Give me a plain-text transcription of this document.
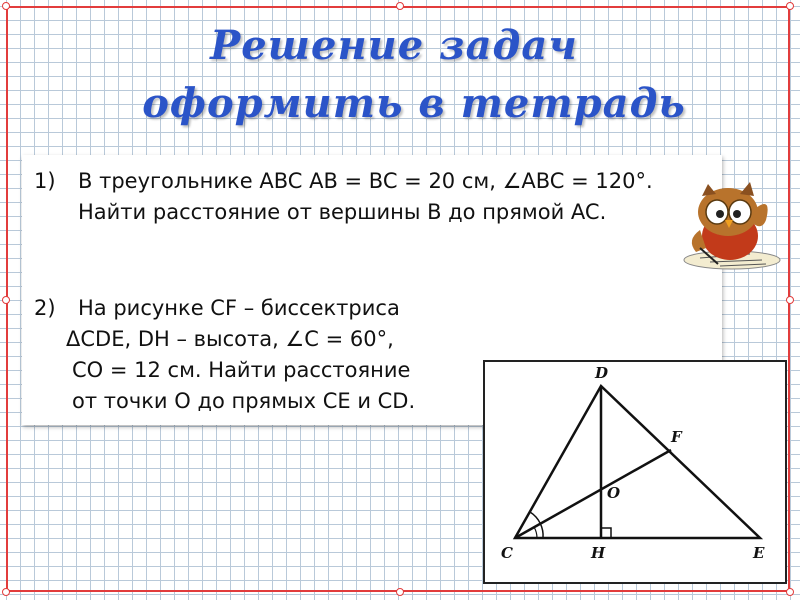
Решение задач
оформить в тетрадь
1) В треугольнике ABC AB = BC = 20 см, ∠ABC = 120°.
Найти расстояние от вершины B до прямой AC.
2) На рисунке CF – биссектриса
ΔCDE, DH – высота, ∠C = 60°,
CO = 12 см. Найти расстояние
от точки O до прямых CE и CD.
D
F
O
C	H	E
